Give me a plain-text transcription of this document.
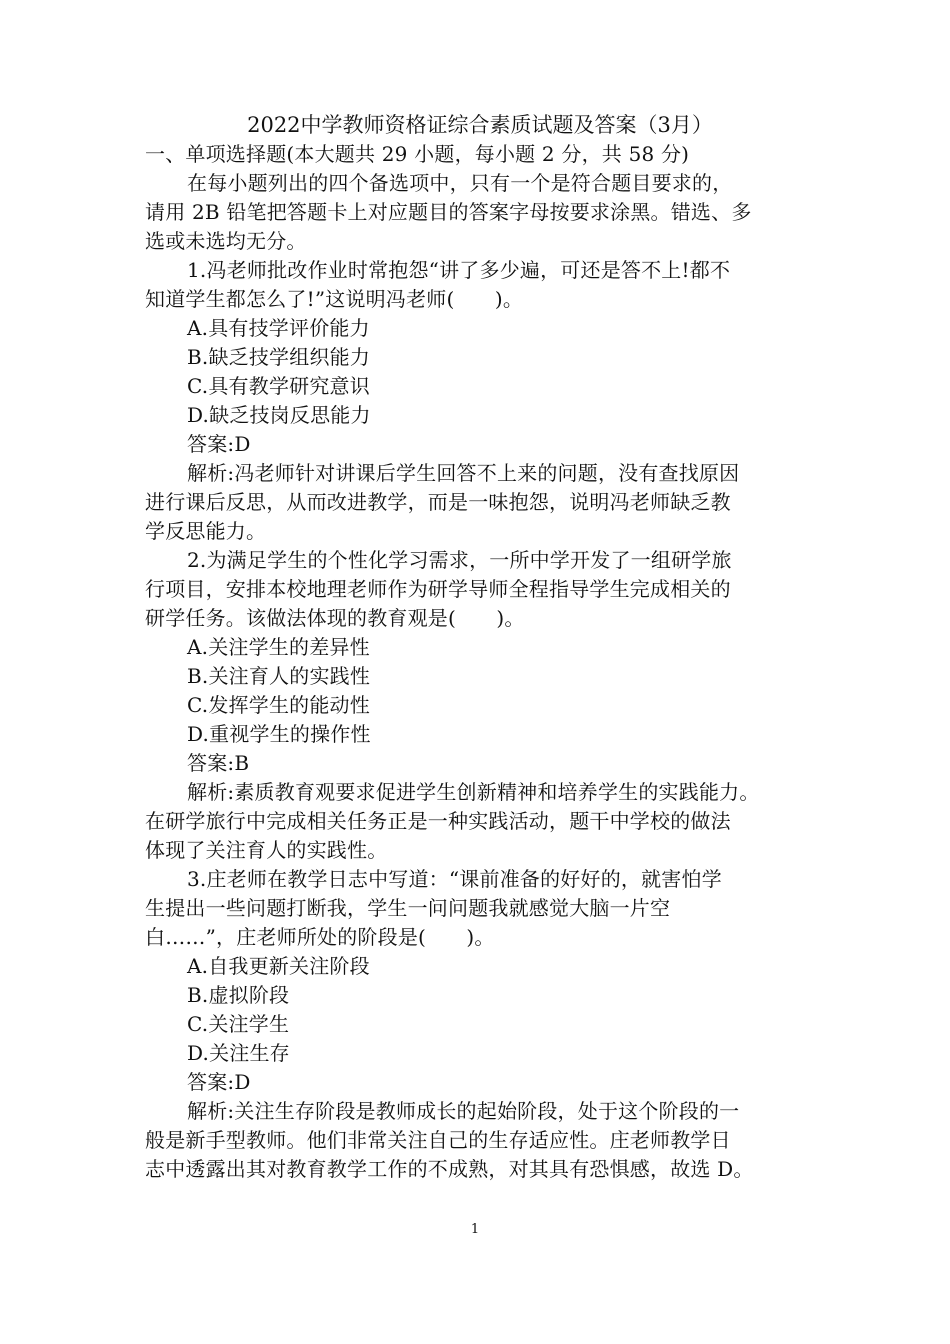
2022中学教师资格证综合素质试题及答案（3月）
一、单项选择题(本大题共 29 小题，每小题 2 分，共 58 分)
在每小题列出的四个备选项中，只有一个是符合题目要求的，
请用 2B 铅笔把答题卡上对应题目的答案字母按要求涂黑。错选、多
选或未选均无分。
1.冯老师批改作业时常抱怨“讲了多少遍，可还是答不上!都不
知道学生都怎么了!”这说明冯老师(　　)。
A.具有技学评价能力
B.缺乏技学组织能力
C.具有教学研究意识
D.缺乏技岗反思能力
答案:D
解析:冯老师针对讲课后学生回答不上来的问题，没有查找原因
进行课后反思，从而改进教学，而是一味抱怨，说明冯老师缺乏教
学反思能力。
2.为满足学生的个性化学习需求，一所中学开发了一组研学旅
行项目，安排本校地理老师作为研学导师全程指导学生完成相关的
研学任务。该做法体现的教育观是(　　)。
A.关注学生的差异性
B.关注育人的实践性
C.发挥学生的能动性
D.重视学生的操作性
答案:B
解析:素质教育观要求促进学生创新精神和培养学生的实践能力。
在研学旅行中完成相关任务正是一种实践活动，题干中学校的做法
体现了关注育人的实践性。
3.庄老师在教学日志中写道：“课前准备的好好的，就害怕学
生提出一些问题打断我，学生一问问题我就感觉大脑一片空
白……”，庄老师所处的阶段是(　　)。
A.自我更新关注阶段
B.虚拟阶段
C.关注学生
D.关注生存
答案:D
解析:关注生存阶段是教师成长的起始阶段，处于这个阶段的一
般是新手型教师。他们非常关注自己的生存适应性。庄老师教学日
志中透露出其对教育教学工作的不成熟，对其具有恐惧感，故选 D。
1
